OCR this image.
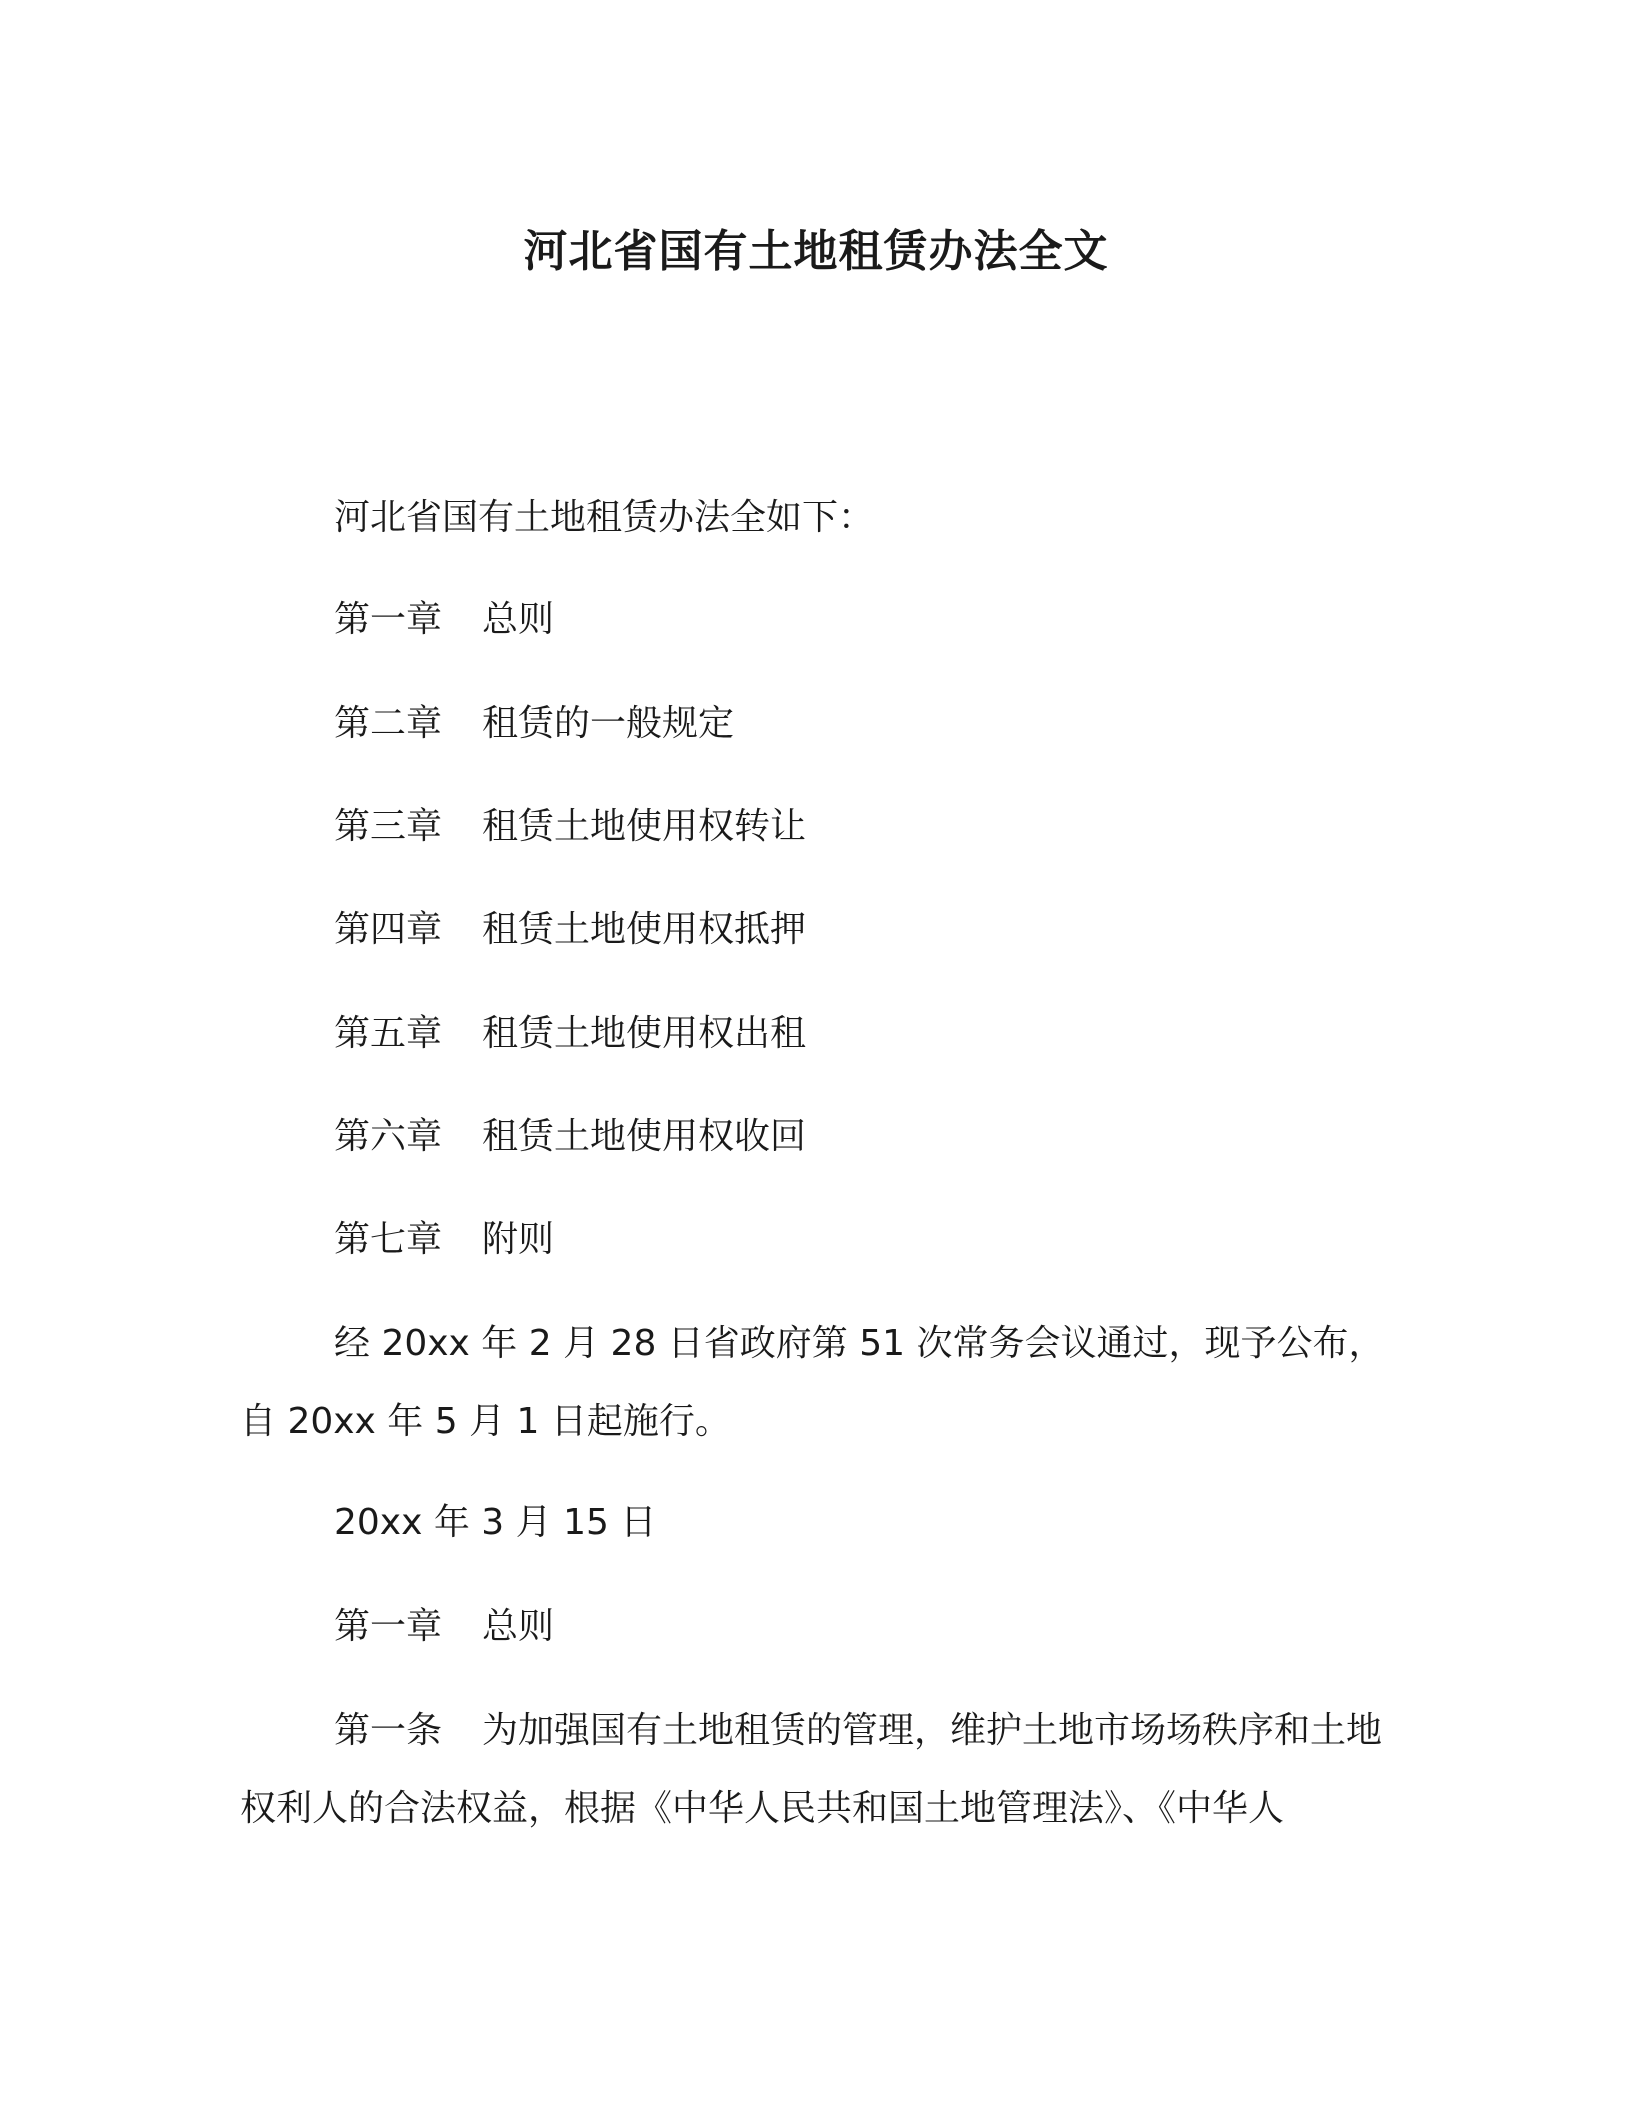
河北省国有土地租赁办法全文

河北省国有土地租赁办法全如下：

第一章 总则

第二章 租赁的一般规定

第三章 租赁土地使用权转让

第四章 租赁土地使用权抵押

第五章 租赁土地使用权出租

第六章 租赁土地使用权收回

第七章 附则

经 20xx 年 2 月 28 日省政府第 51 次常务会议通过，现予公布，

自 20xx 年 5 月 1 日起施行。

20xx 年 3 月 15 日

第一章 总则

第一条 为加强国有土地租赁的管理，维护土地市场场秩序和土地

权利人的合法权益，根据《中华人民共和国土地管理法》、《中华人
